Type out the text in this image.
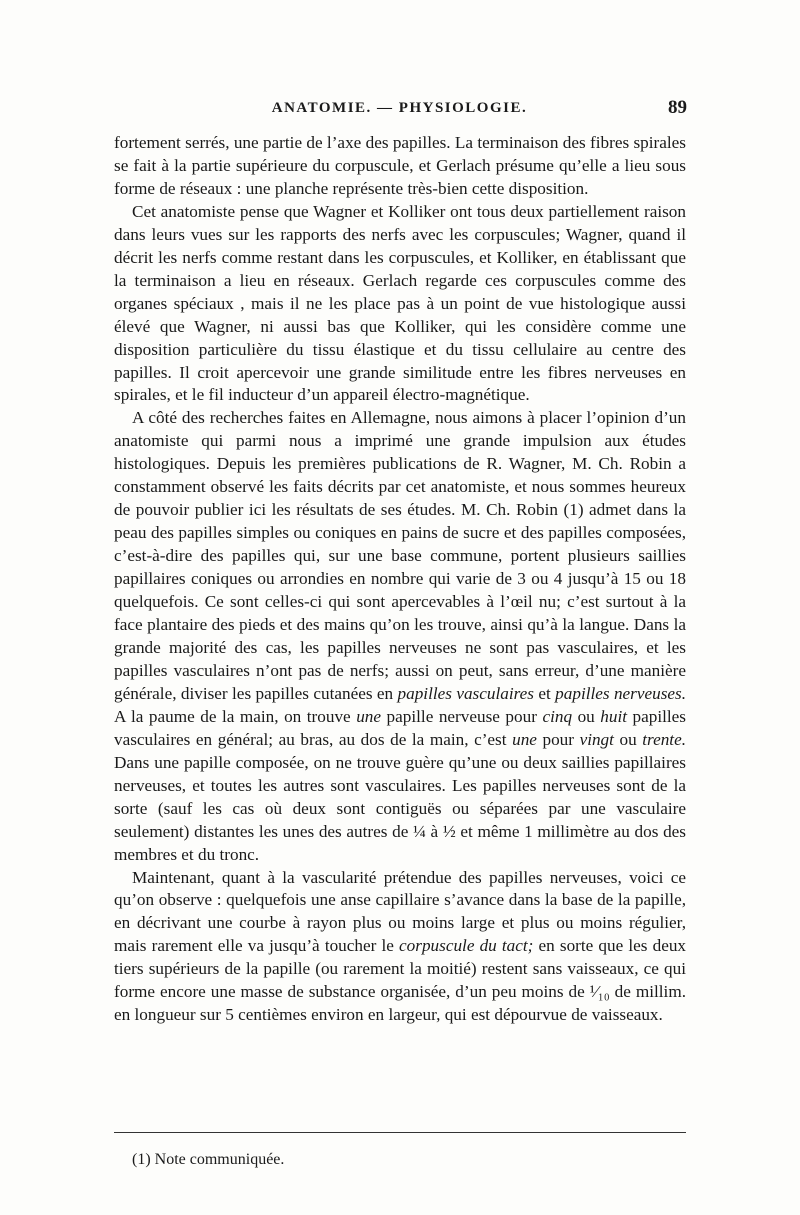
ANATOMIE. — PHYSIOLOGIE.	89

fortement serrés, une partie de l’axe des papilles. La terminaison des fibres spirales se fait à la partie supérieure du corpuscule, et Gerlach présume qu’elle a lieu sous forme de réseaux : une planche représente très-bien cette disposition.

Cet anatomiste pense que Wagner et Kolliker ont tous deux partiellement raison dans leurs vues sur les rapports des nerfs avec les corpuscules; Wagner, quand il décrit les nerfs comme restant dans les corpuscules, et Kolliker, en établissant que la terminaison a lieu en réseaux. Gerlach regarde ces corpuscules comme des organes spéciaux , mais il ne les place pas à un point de vue histologique aussi élevé que Wagner, ni aussi bas que Kolliker, qui les considère comme une disposition particulière du tissu élastique et du tissu cellulaire au centre des papilles. Il croit apercevoir une grande similitude entre les fibres nerveuses en spirales, et le fil inducteur d’un appareil électro-magnétique.

A côté des recherches faites en Allemagne, nous aimons à placer l’opinion d’un anatomiste qui parmi nous a imprimé une grande impulsion aux études histologiques. Depuis les premières publications de R. Wagner, M. Ch. Robin a constamment observé les faits décrits par cet anatomiste, et nous sommes heureux de pouvoir publier ici les résultats de ses études. M. Ch. Robin (1) admet dans la peau des papilles simples ou coniques en pains de sucre et des papilles composées, c’est-à-dire des papilles qui, sur une base commune, portent plusieurs saillies papillaires coniques ou arrondies en nombre qui varie de 3 ou 4 jusqu’à 15 ou 18 quelquefois. Ce sont celles-ci qui sont apercevables à l’œil nu; c’est surtout à la face plantaire des pieds et des mains qu’on les trouve, ainsi qu’à la langue. Dans la grande majorité des cas, les papilles nerveuses ne sont pas vasculaires, et les papilles vasculaires n’ont pas de nerfs; aussi on peut, sans erreur, d’une manière générale, diviser les papilles cutanées en papilles vasculaires et papilles nerveuses. A la paume de la main, on trouve une papille nerveuse pour cinq ou huit papilles vasculaires en général; au bras, au dos de la main, c’est une pour vingt ou trente. Dans une papille composée, on ne trouve guère qu’une ou deux saillies papillaires nerveuses, et toutes les autres sont vasculaires. Les papilles nerveuses sont de la sorte (sauf les cas où deux sont contiguës ou séparées par une vasculaire seulement) distantes les unes des autres de ¼ à ½ et même 1 millimètre au dos des membres et du tronc.

Maintenant, quant à la vascularité prétendue des papilles nerveuses, voici ce qu’on observe : quelquefois une anse capillaire s’avance dans la base de la papille, en décrivant une courbe à rayon plus ou moins large et plus ou moins régulier, mais rarement elle va jusqu’à toucher le corpuscule du tact; en sorte que les deux tiers supérieurs de la papille (ou rarement la moitié) restent sans vaisseaux, ce qui forme encore une masse de substance organisée, d’un peu moins de ¹⁄₁₀ de millim. en longueur sur 5 centièmes environ en largeur, qui est dépourvue de vaisseaux.

(1) Note communiquée.
